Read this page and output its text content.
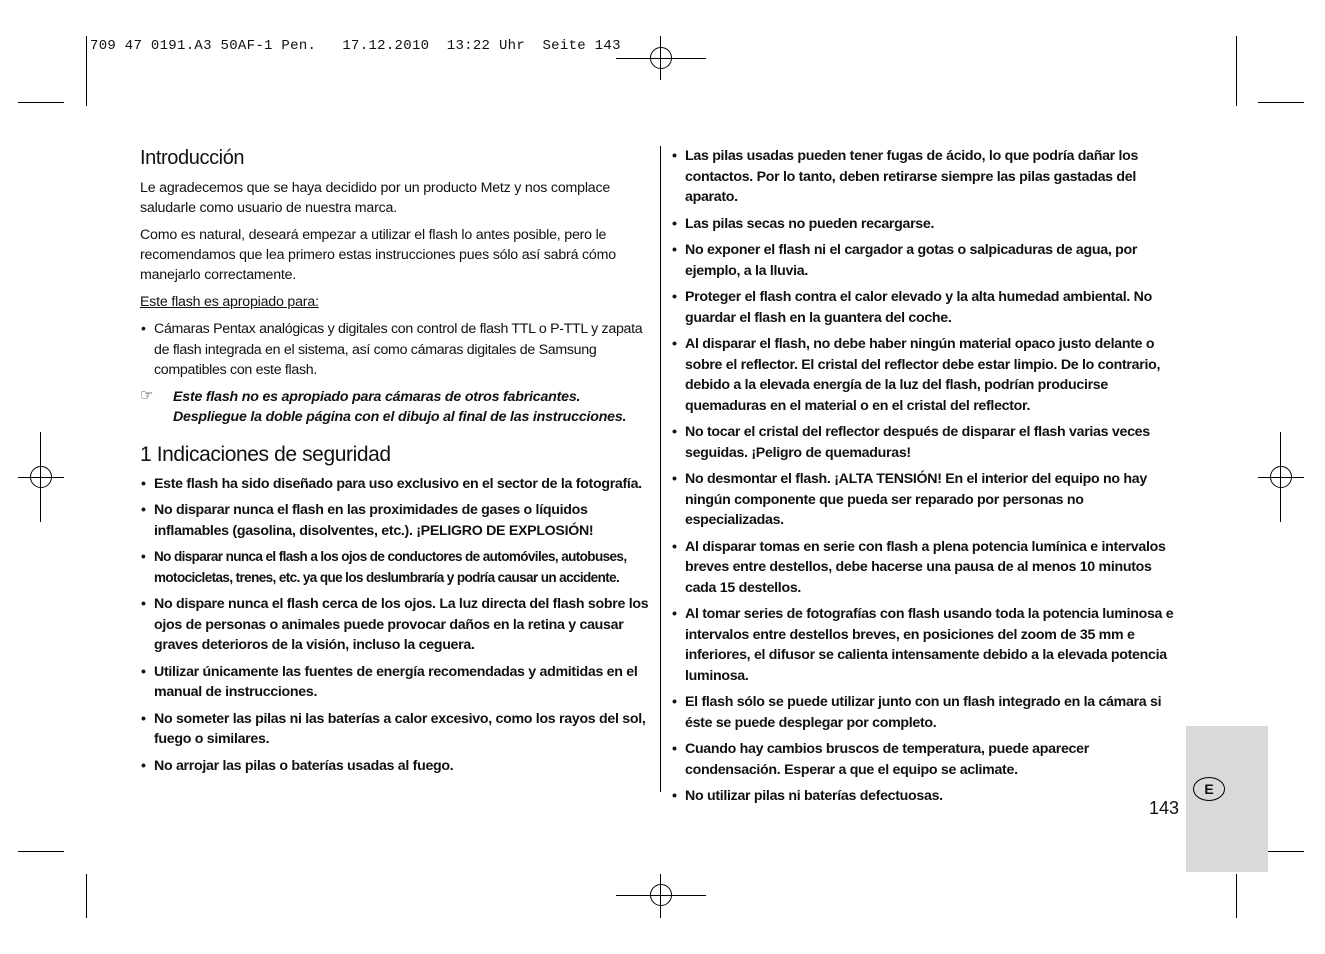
709 47 0191.A3 50AF-1 Pen.   17.12.2010  13:22 Uhr  Seite 143
Introducción

Le agradecemos que se haya decidido por un producto Metz y nos complace saludarle como usuario de nuestra marca.

Como es natural, deseará empezar a utilizar el flash lo antes posible, pero le recomendamos que lea primero estas instrucciones pues sólo así sabrá cómo manejarlo correctamente.

Este flash es apropiado para:

• Cámaras Pentax analógicas y digitales con control de flash TTL o P-TTL y zapata de flash integrada en el sistema, así como cámaras digitales de Samsung compatibles con este flash.
☞ Este flash no es apropiado para cámaras de otros fabricantes.

Despliegue la doble página con el dibujo al final de las instrucciones.

1 Indicaciones de seguridad
• Este flash ha sido diseñado para uso exclusivo en el sector de la fotografía.
• No disparar nunca el flash en las proximidades de gases o líquidos inflamables (gasolina, disolventes, etc.). ¡PELIGRO DE EXPLOSIÓN!
• No disparar nunca el flash a los ojos de conductores de automóviles, autobuses, motocicletas, trenes, etc. ya que los deslumbraría y podría causar un accidente.
• No dispare nunca el flash cerca de los ojos. La luz directa del flash sobre los ojos de personas o animales puede provocar daños en la retina y causar graves deterioros de la visión, incluso la ceguera.
• Utilizar únicamente las fuentes de energía recomendadas y admitidas en el manual de instrucciones.
• No someter las pilas ni las baterías a calor excesivo, como los rayos del sol, fuego o similares.
• No arrojar las pilas o baterías usadas al fuego.
• Las pilas usadas pueden tener fugas de ácido, lo que podría dañar los contactos. Por lo tanto, deben retirarse siempre las pilas gastadas del aparato.
• Las pilas secas no pueden recargarse.
• No exponer el flash ni el cargador a gotas o salpicaduras de agua, por ejemplo, a la lluvia.
• Proteger el flash contra el calor elevado y la alta humedad ambiental. No guardar el flash en la guantera del coche.
• Al disparar el flash, no debe haber ningún material opaco justo delante o sobre el reflector. El cristal del reflector debe estar limpio. De lo contrario, debido a la elevada energía de la luz del flash, podrían producirse quemaduras en el material o en el cristal del reflector.
• No tocar el cristal del reflector después de disparar el flash varias veces seguidas. ¡Peligro de quemaduras!
• No desmontar el flash. ¡ALTA TENSIÓN! En el interior del equipo no hay ningún componente que pueda ser reparado por personas no especializadas.
• Al disparar tomas en serie con flash a plena potencia lumínica e intervalos breves entre destellos, debe hacerse una pausa de al menos 10 minutos cada 15 destellos.
• Al tomar series de fotografías con flash usando toda la potencia luminosa e intervalos entre destellos breves, en posiciones del zoom de 35 mm e inferiores, el difusor se calienta intensamente debido a la elevada potencia luminosa.
• El flash sólo se puede utilizar junto con un flash integrado en la cámara si éste se puede desplegar por completo.
• Cuando hay cambios bruscos de temperatura, puede aparecer condensación. Esperar a que el equipo se aclimate.
• No utilizar pilas ni baterías defectuosas.	E
143
